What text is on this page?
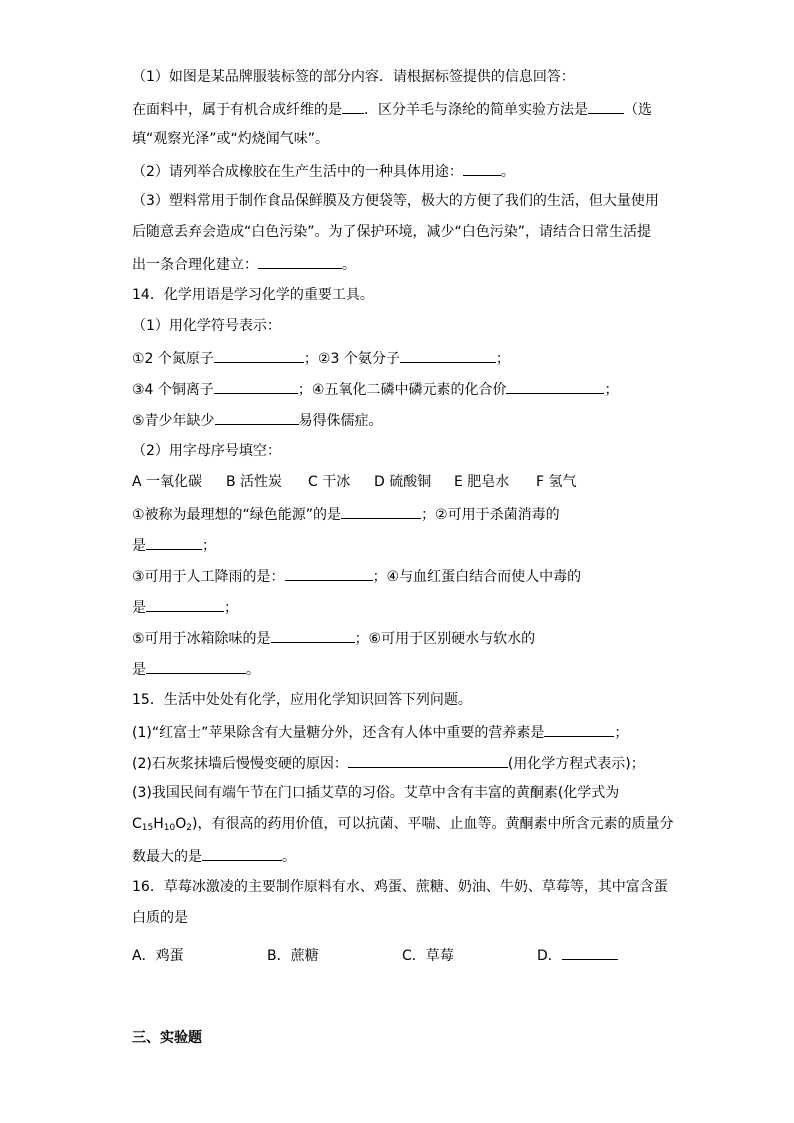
（1）如图是某品牌服装标签的部分内容．请根据标签提供的信息回答：
在面料中，属于有机合成纤维的是 ．区分羊毛与涤纶的简单实验方法是	（选
填“观察光泽”或“灼烧闻气味”。
（2）请列举合成橡胶在生产生活中的一种具体用途：	。
（3）塑料常用于制作食品保鲜膜及方便袋等，极大的方便了我们的生活，但大量使用
后随意丢弃会造成“白色污染”。为了保护环境，减少“白色污染”，请结合日常生活提
出一条合理化建立：	。
14．化学用语是学习化学的重要工具。
（1）用化学符号表示：
①2 个氮原子	；②3 个氨分子	；
③4 个铜离子	；④五氧化二磷中磷元素的化合价	；
⑤青少年缺少	易得侏儒症。
（2）用字母序号填空：
A 一氧化碳 B 活性炭 C 干冰 D 硫酸铜 E 肥皂水 F 氢气
①被称为最理想的“绿色能源”的是	；②可用于杀菌消毒的
是	；
③可用于人工降雨的是：	；④与血红蛋白结合而使人中毒的
是	；
⑤可用于冰箱除味的是	；⑥可用于区别硬水与软水的
是	。
15．生活中处处有化学，应用化学知识回答下列问题。
(1)“红富士”苹果除含有大量糖分外，还含有人体中重要的营养素是	；
(2)石灰浆抹墙后慢慢变硬的原因：	(用化学方程式表示)；
(3)我国民间有端午节在门口插艾草的习俗。艾草中含有丰富的黄酮素(化学式为
$C_{15}H_{10}O_2$)，有很高的药用价值，可以抗菌、平喘、止血等。黄酮素中所含元素的质量分
数最大的是	。
16．草莓冰激凌的主要制作原料有水、鸡蛋、蔗糖、奶油、牛奶、草莓等，其中富含蛋
白质的是
A．鸡蛋	B．蔗糖	C．草莓	D．
三、实验题
